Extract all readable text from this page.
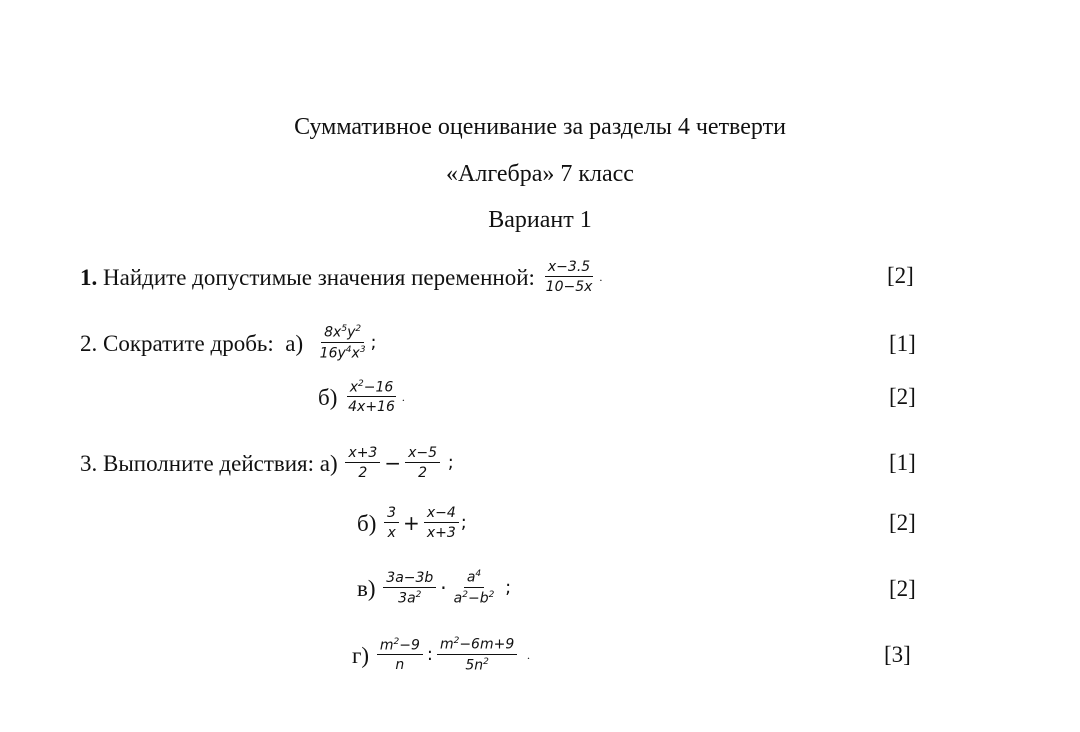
Суммативное оценивание за разделы 4 четверти
«Алгебра» 7 класс
Вариант 1
1.
Найдите допустимые значения переменной:
$\frac{x-3.5}{10-5x}$ .	[2]
2. Сократите дробь:
а)
$\frac{8x^5y^2}{16y^4x^3}$ ;	[1]
б)
$\frac{x^2-16}{4x+16}$ .	[2]
3. Выполните действия:
а)
$\frac{x+3}{2} - \frac{x-5}{2}$
;	[1]
б)
$\frac{3}{x} + \frac{x-4}{x+3}$ ;	[2]
в)
$\frac{3a-3b}{3a^2} \cdot \frac{a^4}{a^2-b^2}$
;	[2]
г)
$\frac{m^2-9}{n}$ : $\frac{m^2-6m+9}{5n^2}$
.	[3]
